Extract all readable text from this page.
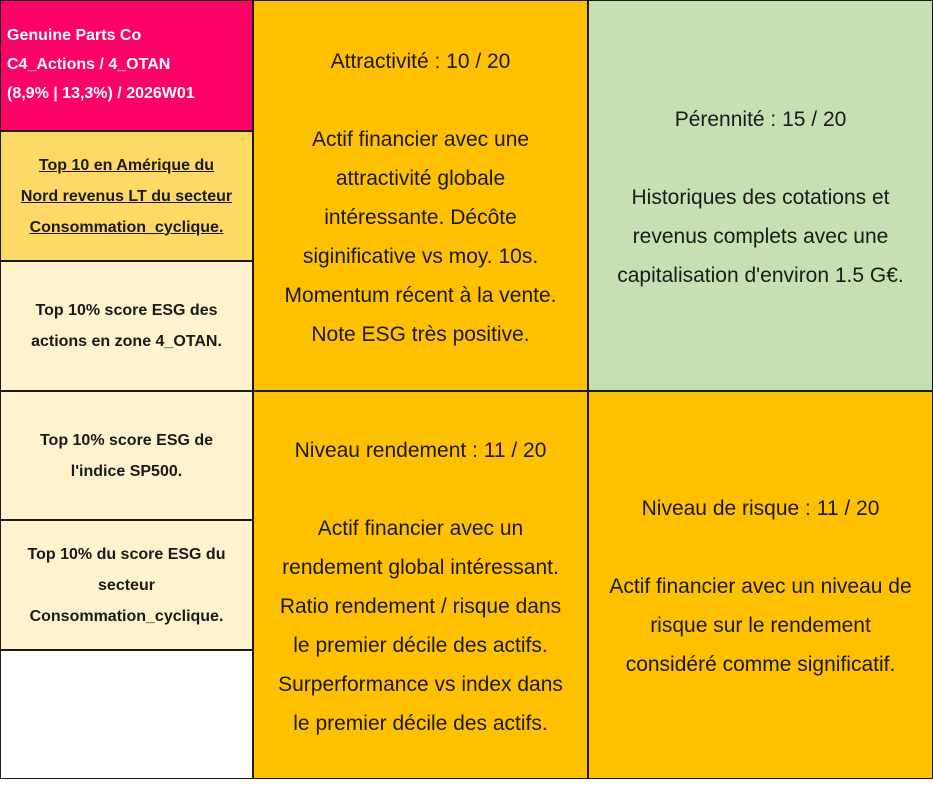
Genuine Parts Co
C4_Actions / 4_OTAN
(8,9% | 13,3%) / 2026W01
Top 10 en Amérique du
Nord revenus LT du secteur
Consommation_cyclique.
Top 10% score ESG des
actions en zone 4_OTAN.
Top 10% score ESG de
l'indice SP500.
Top 10% du score ESG du
secteur
Consommation_cyclique.
Attractivité : 10 / 20
Actif financier avec une
attractivité globale
intéressante. Décôte
siginificative vs moy. 10s.
Momentum récent à la vente.
Note ESG très positive.
Pérennité : 15 / 20
Historiques des cotations et
revenus complets avec une
capitalisation d'environ 1.5 G€.
Niveau rendement : 11 / 20
Actif financier avec un
rendement global intéressant.
Ratio rendement / risque dans
le premier décile des actifs.
Surperformance vs index dans
le premier décile des actifs.
Niveau de risque : 11 / 20
Actif financier avec un niveau de
risque sur le rendement
considéré comme significatif.
